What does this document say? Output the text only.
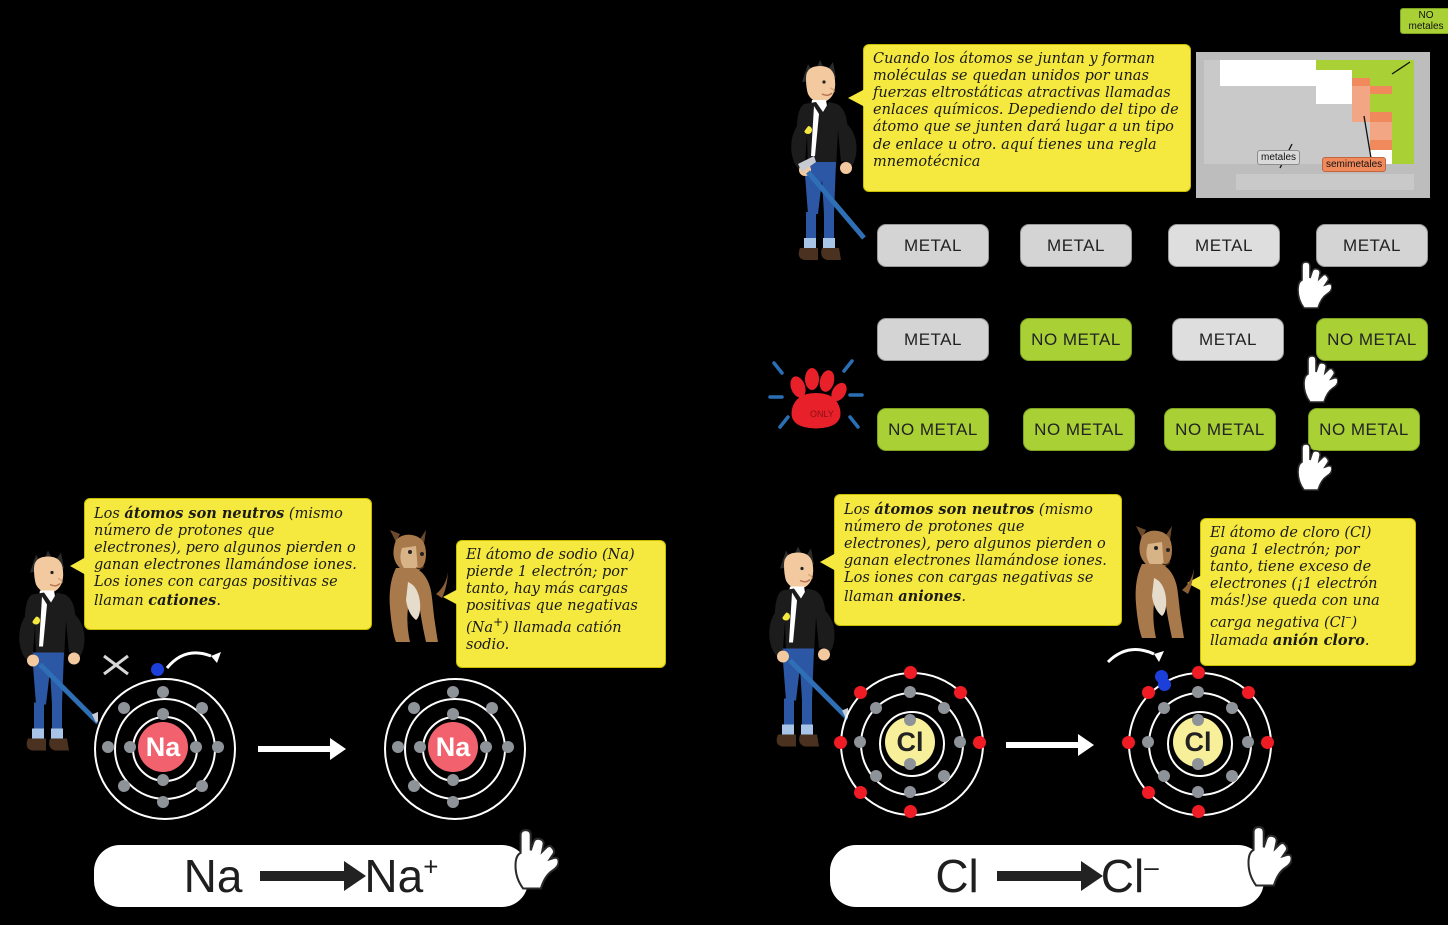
Cuando los átomos se juntan y forman moléculas se quedan unidos por unas fuerzas eltrostáticas atractivas llamadas enlaces químicos. Depediendo del tipo de átomo que se junten dará lugar a un tipo de enlace u otro. aquí tienes una regla mnemotécnica
NO metales
metales
semimetales
METAL	METAL	METAL	METAL
METAL	NO METAL	METAL	NO METAL
NO METAL	NO METAL	NO METAL	NO METAL
ONLY
Los átomos son neutros (mismo número de protones que electrones), pero algunos pierden o ganan electrones llamándose iones. Los iones con cargas positivas se llaman cationes.
El átomo de sodio (Na) pierde 1 electrón; por tanto, hay más cargas positivas que negativas (Na+) llamada catión sodio.
Na	Na
Na	Na+
Los átomos son neutros (mismo número de protones que electrones), pero algunos pierden o ganan electrones llamándose iones. Los iones con cargas negativas se llaman aniones.
El átomo de cloro (Cl) gana 1 electrón; por tanto, tiene exceso de electrones (¡1 electrón más!)se queda con una carga negativa (Cl–) llamada anión cloro.
Cl	Cl
Cl	Cl–
